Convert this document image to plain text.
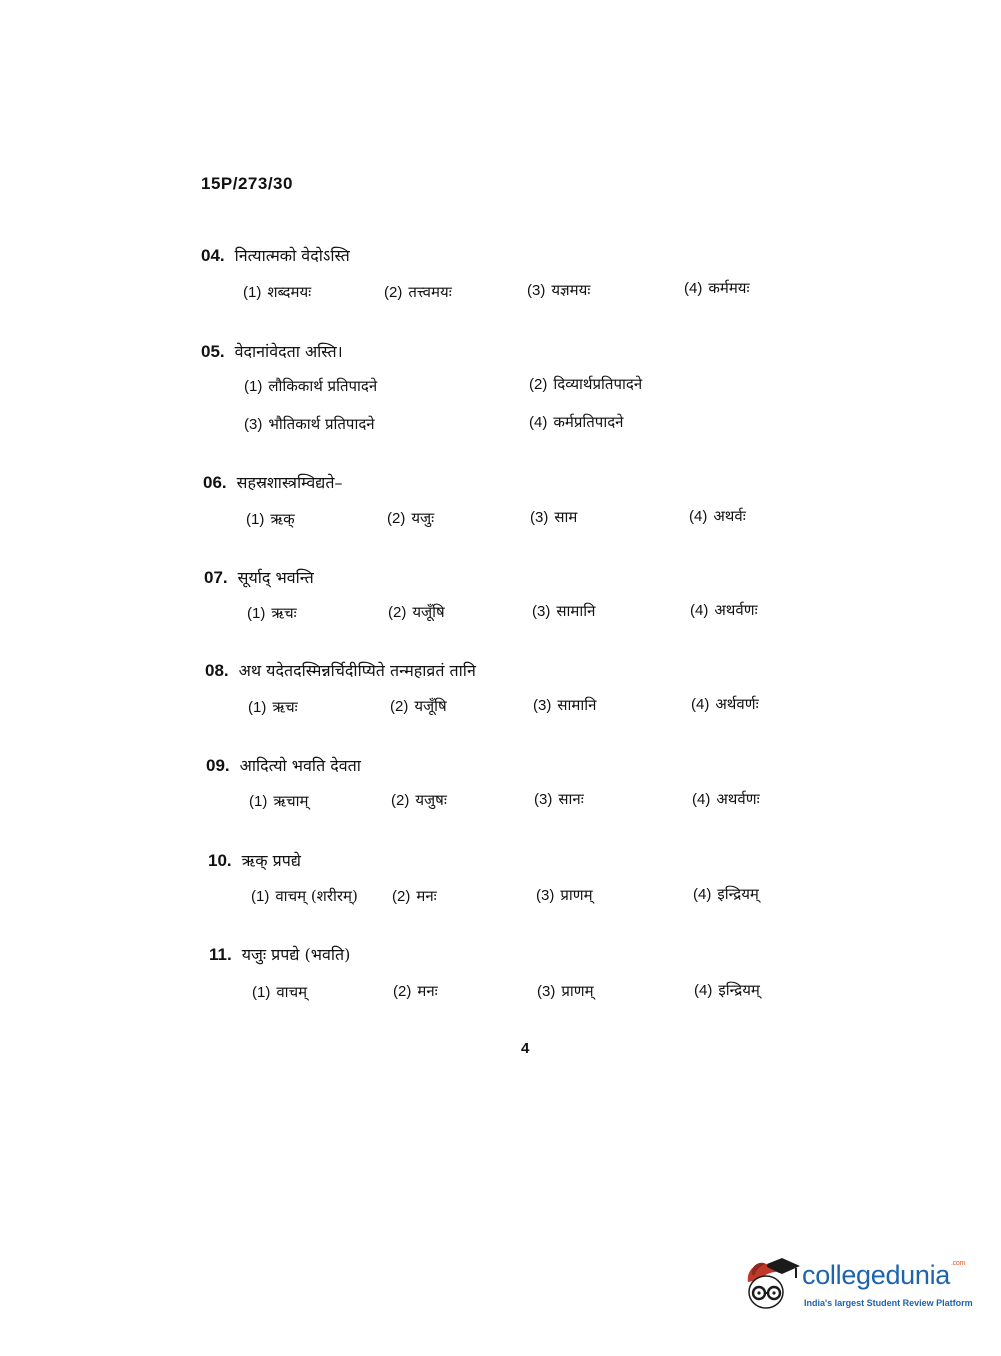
15P/273/30
04. नित्यात्मको वेदोऽस्ति
(1) शब्दमयः	(2) तत्त्वमयः	(3) यज्ञमयः	(4) कर्ममयः
05. वेदानांवेदता अस्ति।
(1) लौकिकार्थ प्रतिपादने	(2) दिव्यार्थप्रतिपादने
(3) भौतिकार्थ प्रतिपादने	(4) कर्मप्रतिपादने
06. सहस्रशास्त्रम्विद्यते–
(1) ऋक्	(2) यजुः	(3) साम	(4) अथर्वः
07. सूर्याद् भवन्ति
(1) ऋचः	(2) यजूँषि	(3) सामानि	(4) अथर्वणः
08. अथ यदेतदस्मिन्नर्चिदीप्यिते तन्महाव्रतं तानि
(1) ऋचः	(2) यजूँषि	(3) सामानि	(4) अर्थवर्णः
09. आदित्यो भवति देवता
(1) ऋचाम्	(2) यजुषः	(3) सानः	(4) अथर्वणः
10. ऋक् प्रपद्ये
(1) वाचम् (शरीरम्) (2) मनः	(3) प्राणम्	(4) इन्द्रियम्
11. यजुः प्रपद्ये (भवति)
(1) वाचम्	(2) मनः	(3) प्राणम्	(4) इन्द्रियम्
4
collegedunia$^{.com}$
India's largest Student Review Platform
